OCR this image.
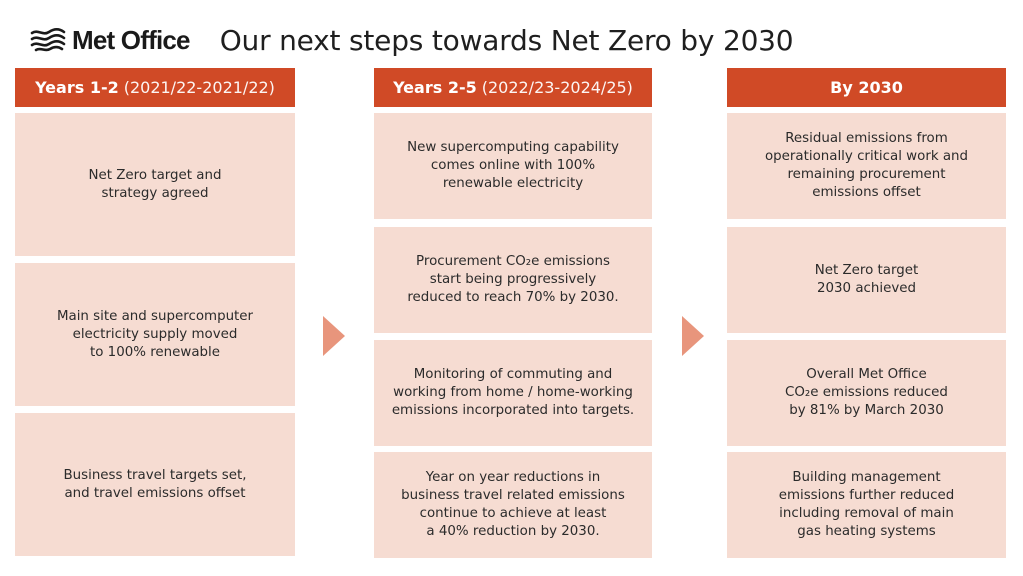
Met Office Our next steps towards Net Zero by 2030
Years 1-2 (2021/22-2021/22)
Net Zero target and
strategy agreed
Main site and supercomputer
electricity supply moved
to 100% renewable
Business travel targets set,
and travel emissions offset
Years 2-5 (2022/23-2024/25)
New supercomputing capability
comes online with 100%
renewable electricity
Procurement CO₂e emissions
start being progressively
reduced to reach 70% by 2030.
Monitoring of commuting and
working from home / home-working
emissions incorporated into targets.
Year on year reductions in
business travel related emissions
continue to achieve at least
a 40% reduction by 2030.
By 2030
Residual emissions from
operationally critical work and
remaining procurement
emissions offset
Net Zero target
2030 achieved
Overall Met Office
CO₂e emissions reduced
by 81% by March 2030
Building management
emissions further reduced
including removal of main
gas heating systems
